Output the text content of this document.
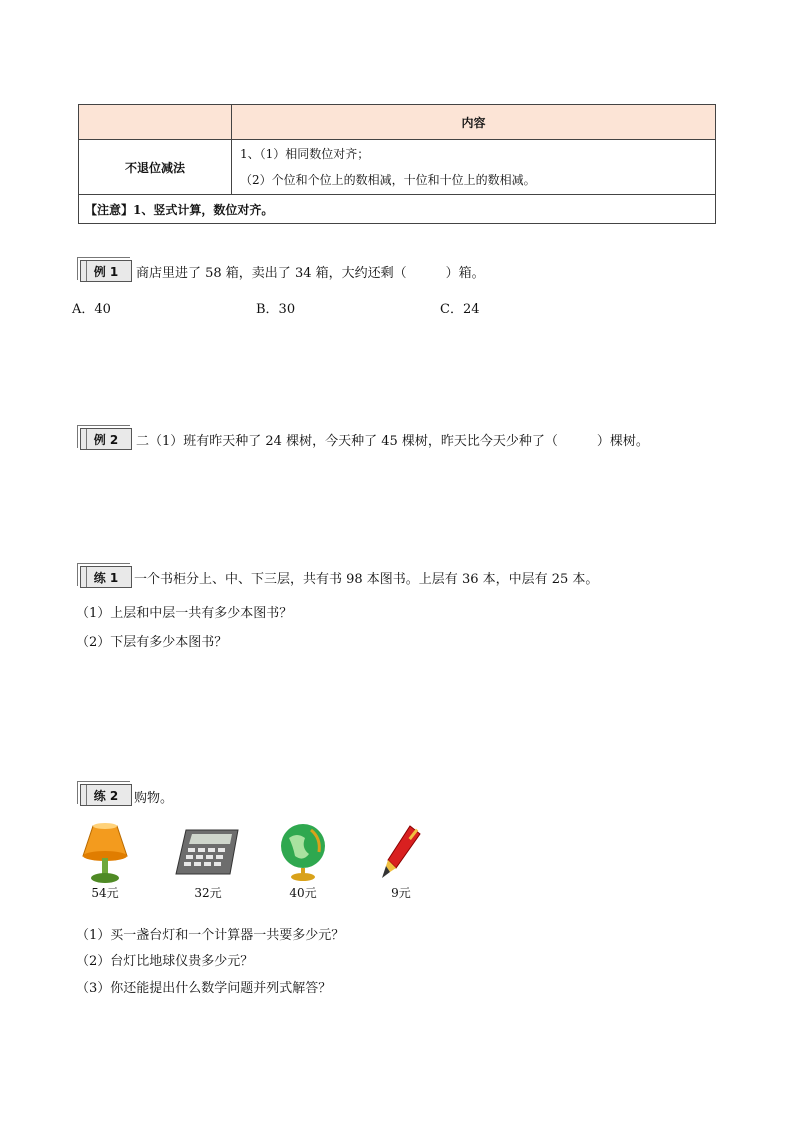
	内容
不退位减法	1、（1）相同数位对齐；
（2）个位和个位上的数相减，十位和十位上的数相减。

【注意】1、竖式计算，数位对齐。	
例 1	商店里进了 58 箱，卖出了 34 箱，大约还剩（　　　）箱。
A．40	B．30	C．24
例 2	二（1）班有昨天种了 24 棵树，今天种了 45 棵树，昨天比今天少种了（　　　）棵树。
练 1	一个书柜分上、中、下三层，共有书 98 本图书。上层有 36 本，中层有 25 本。
（1）上层和中层一共有多少本图书？
（2）下层有多少本图书？
练 2	购物。
54元	32元	40元	9元
（1）买一盏台灯和一个计算器一共要多少元？
（2）台灯比地球仪贵多少元？
（3）你还能提出什么数学问题并列式解答？
